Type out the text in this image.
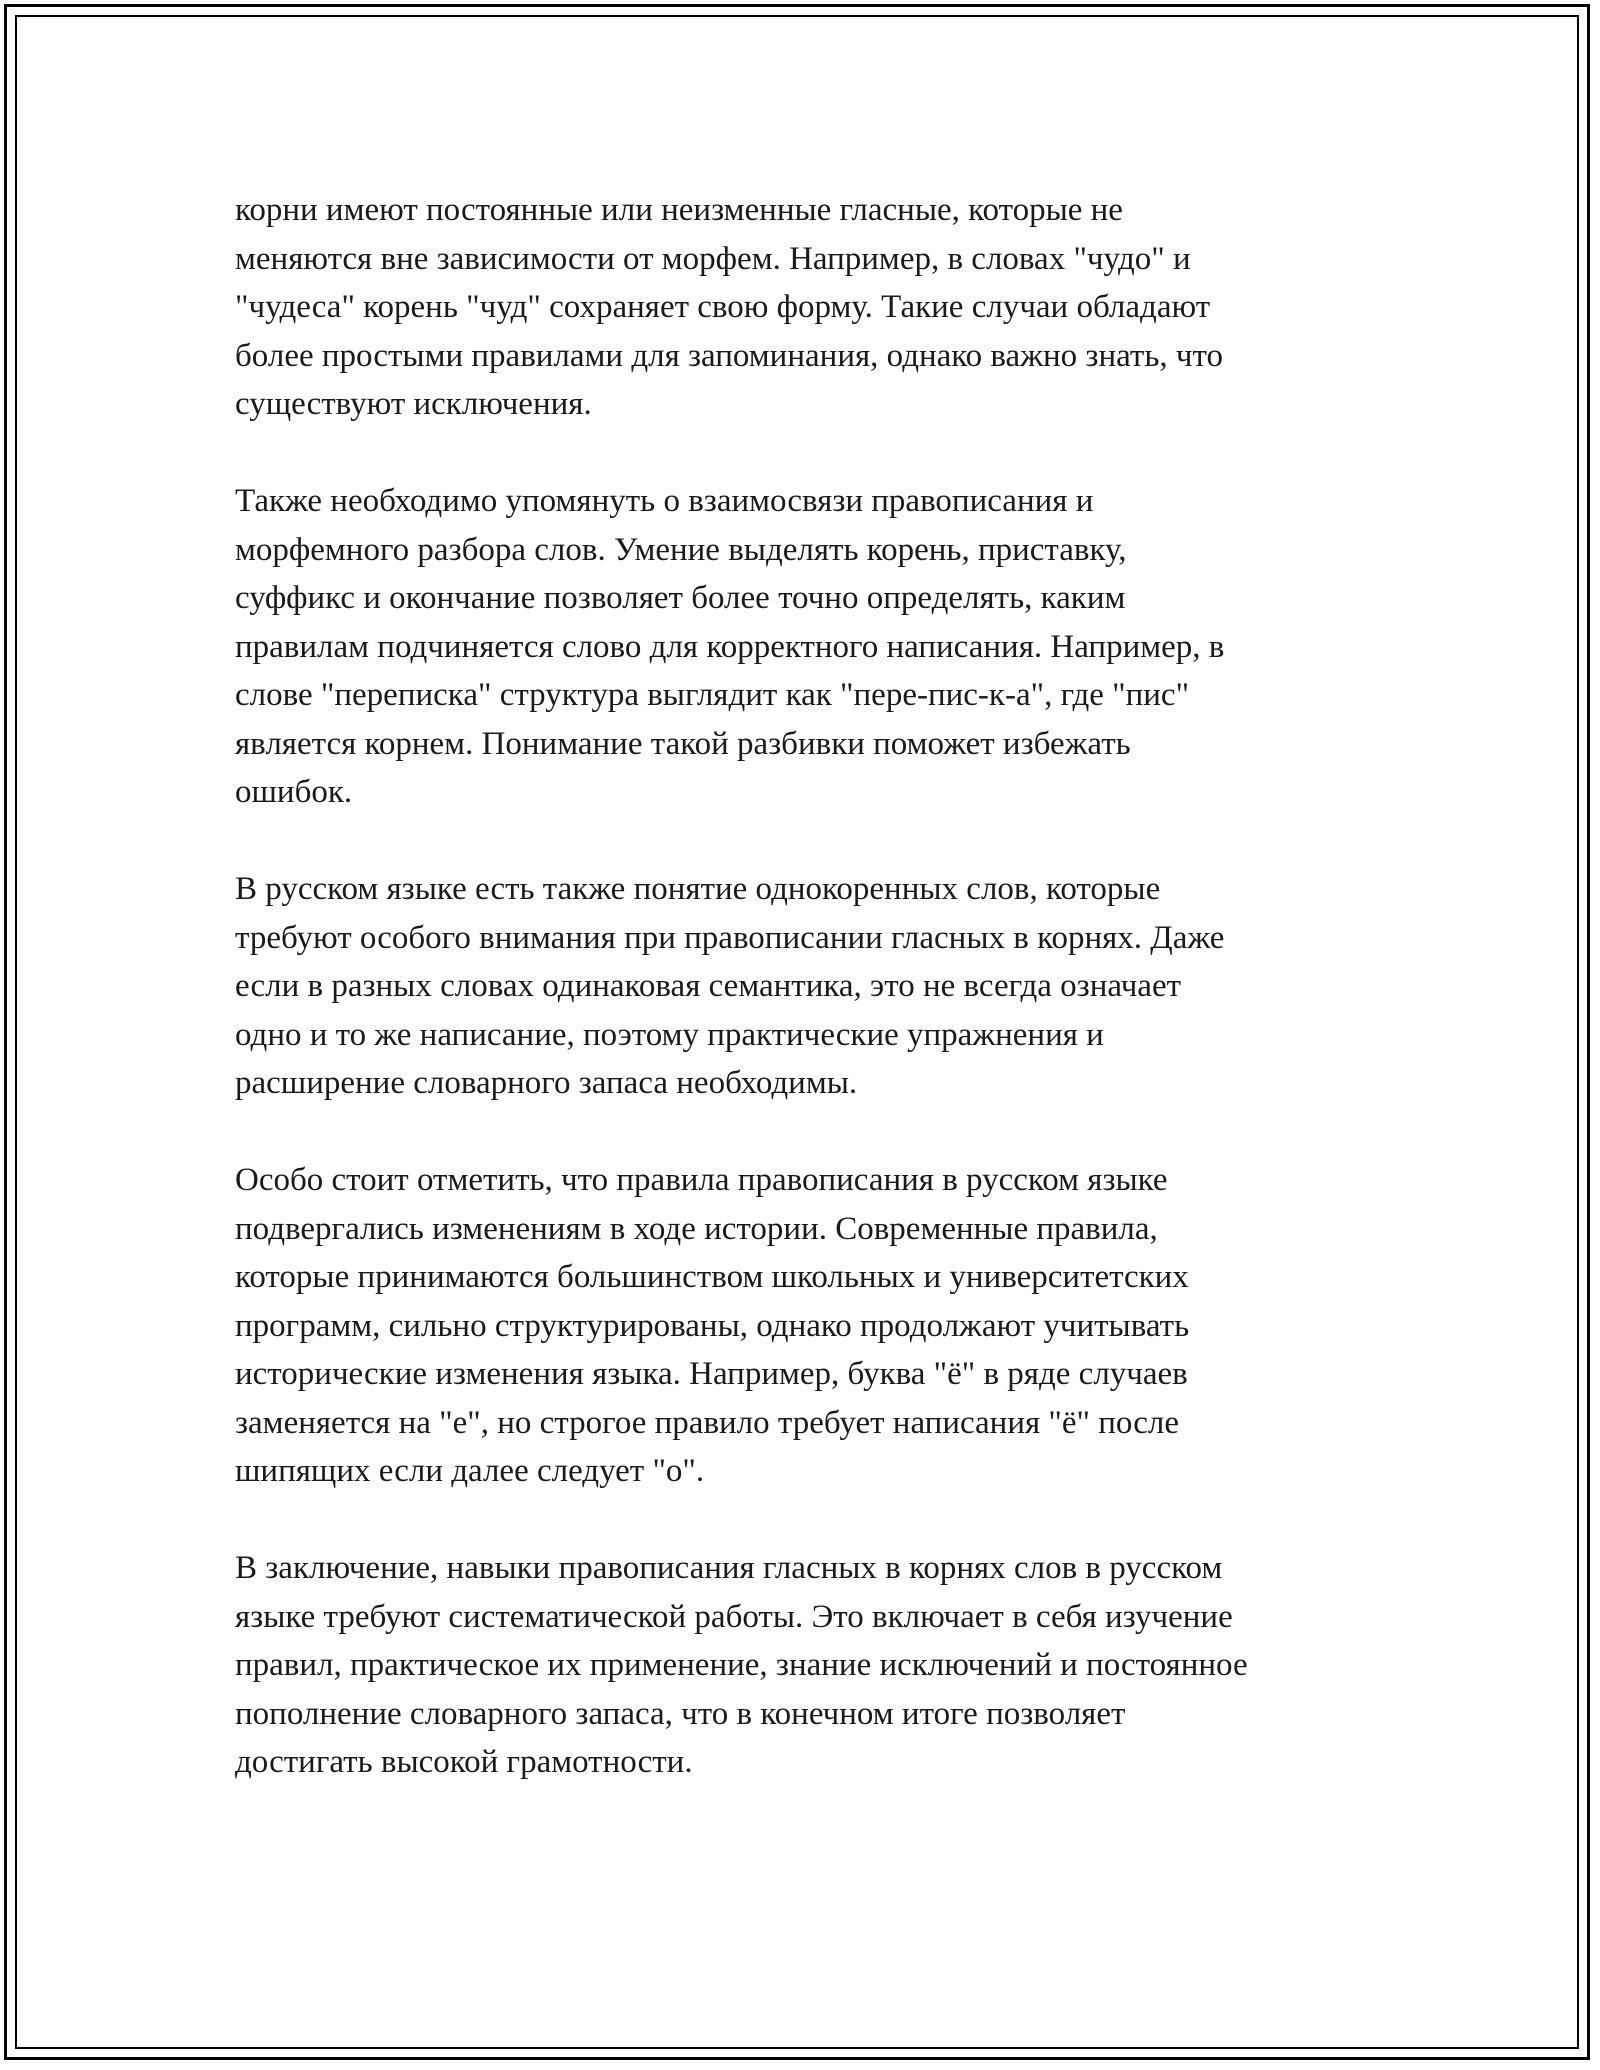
корни имеют постоянные или неизменные гласные, которые не
меняются вне зависимости от морфем. Например, в словах "чудо" и
"чудеса" корень "чуд" сохраняет свою форму. Такие случаи обладают
более простыми правилами для запоминания, однако важно знать, что
существуют исключения.

Также необходимо упомянуть о взаимосвязи правописания и
морфемного разбора слов. Умение выделять корень, приставку,
суффикс и окончание позволяет более точно определять, каким
правилам подчиняется слово для корректного написания. Например, в
слове "переписка" структура выглядит как "пере-пис-к-а", где "пис"
является корнем. Понимание такой разбивки поможет избежать
ошибок.

В русском языке есть также понятие однокоренных слов, которые
требуют особого внимания при правописании гласных в корнях. Даже
если в разных словах одинаковая семантика, это не всегда означает
одно и то же написание, поэтому практические упражнения и
расширение словарного запаса необходимы.

Особо стоит отметить, что правила правописания в русском языке
подвергались изменениям в ходе истории. Современные правила,
которые принимаются большинством школьных и университетских
программ, сильно структурированы, однако продолжают учитывать
исторические изменения языка. Например, буква "ё" в ряде случаев
заменяется на "е", но строгое правило требует написания "ё" после
шипящих если далее следует "о".

В заключение, навыки правописания гласных в корнях слов в русском
языке требуют систематической работы. Это включает в себя изучение
правил, практическое их применение, знание исключений и постоянное
пополнение словарного запаса, что в конечном итоге позволяет
достигать высокой грамотности.
